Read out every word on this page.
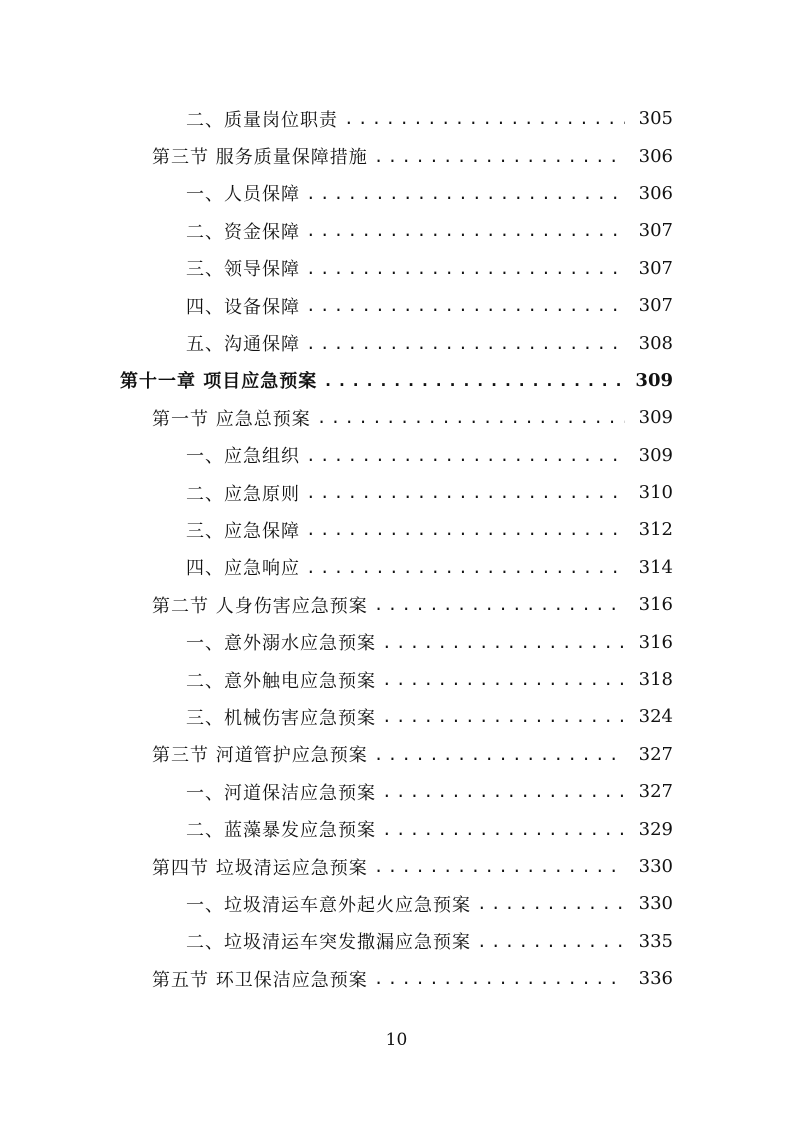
二、质量岗位职责 .....	305
第三节 服务质量保障措施 .....	306
一、人员保障 .....	306
二、资金保障 .....	307
三、领导保障 .....	307
四、设备保障 .....	307
五、沟通保障 .....	308
第十一章 项目应急预案 .....	309
第一节 应急总预案 .....	309
一、应急组织 .....	309
二、应急原则 .....	310
三、应急保障 .....	312
四、应急响应 .....	314
第二节 人身伤害应急预案 .....	316
一、意外溺水应急预案 .....	316
二、意外触电应急预案 .....	318
三、机械伤害应急预案 .....	324
第三节 河道管护应急预案 .....	327
一、河道保洁应急预案 .....	327
二、蓝藻暴发应急预案 .....	329
第四节 垃圾清运应急预案 .....	330
一、垃圾清运车意外起火应急预案 .....	330
二、垃圾清运车突发撒漏应急预案 .....	335
第五节 环卫保洁应急预案 .....	336
10
